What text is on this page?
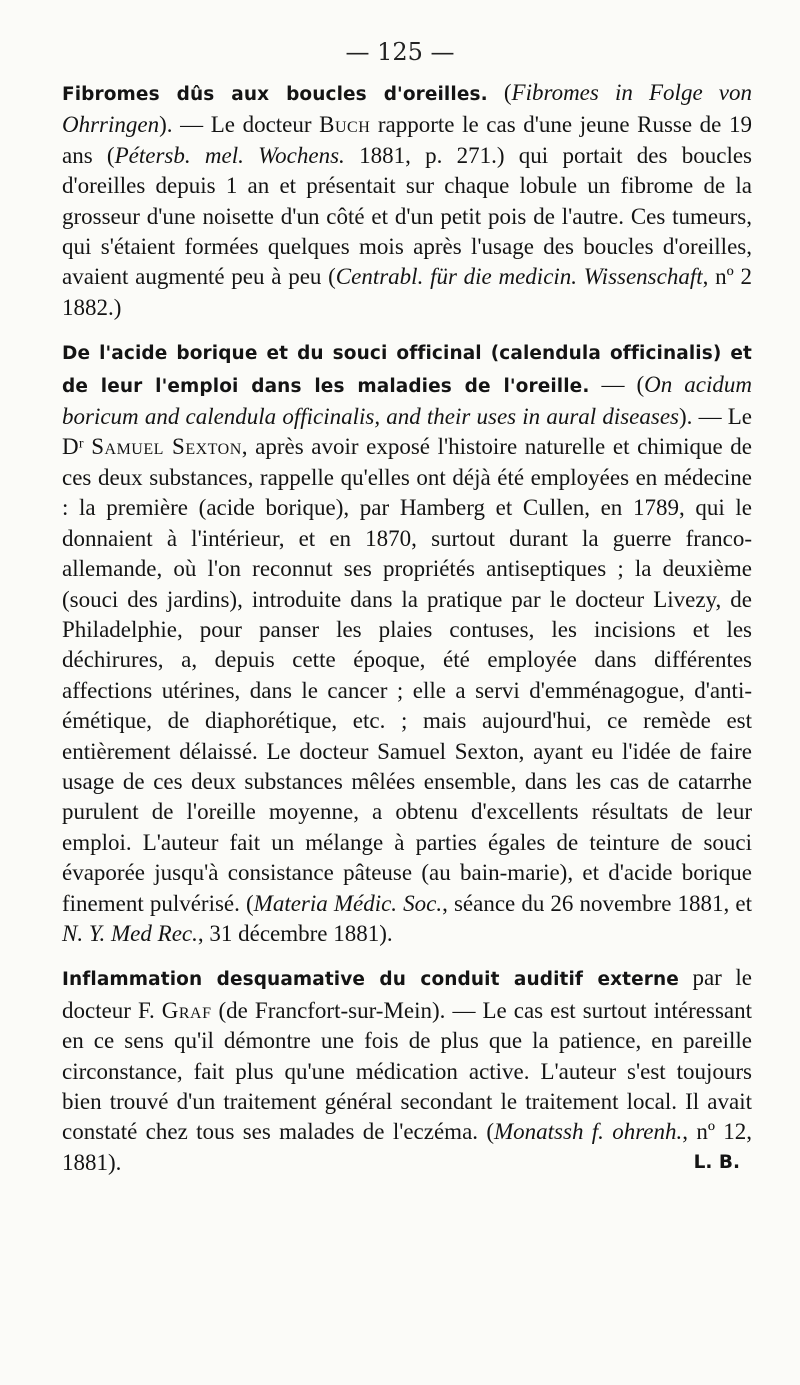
— 125 —

Fibromes dûs aux boucles d'oreilles. (Fibromes in Folge von Ohrringen). — Le docteur Buch rapporte le cas d'une jeune Russe de 19 ans (Pétersb. mel. Wochens. 1881, p. 271.) qui portait des boucles d'oreilles depuis 1 an et présentait sur chaque lobule un fibrome de la grosseur d'une noisette d'un côté et d'un petit pois de l'autre. Ces tumeurs, qui s'étaient formées quelques mois après l'usage des boucles d'oreilles, avaient augmenté peu à peu (Centrabl. für die medicin. Wissenschaft, nº 2 1882.)

De l'acide borique et du souci officinal (calendula officinalis) et de leur l'emploi dans les maladies de l'oreille. — (On acidum boricum and calendula officinalis, and their uses in aural diseases). — Le Dʳ Samuel Sexton, après avoir exposé l'histoire naturelle et chimique de ces deux substances, rappelle qu'elles ont déjà été employées en médecine : la première (acide borique), par Hamberg et Cullen, en 1789, qui le donnaient à l'intérieur, et en 1870, surtout durant la guerre franco-allemande, où l'on reconnut ses propriétés antiseptiques ; la deuxième (souci des jardins), introduite dans la pratique par le docteur Livezy, de Philadelphie, pour panser les plaies contuses, les incisions et les déchirures, a, depuis cette époque, été employée dans différentes affections utérines, dans le cancer ; elle a servi d'emménagogue, d'anti-émétique, de diaphorétique, etc. ; mais aujourd'hui, ce remède est entièrement délaissé. Le docteur Samuel Sexton, ayant eu l'idée de faire usage de ces deux substances mêlées ensemble, dans les cas de catarrhe purulent de l'oreille moyenne, a obtenu d'excellents résultats de leur emploi. L'auteur fait un mélange à parties égales de teinture de souci évaporée jusqu'à consistance pâteuse (au bain-marie), et d'acide borique finement pulvérisé. (Materia Médic. Soc., séance du 26 novembre 1881, et N. Y. Med Rec., 31 décembre 1881).

Inflammation desquamative du conduit auditif externe par le docteur F. Graf (de Francfort-sur-Mein). — Le cas est surtout intéressant en ce sens qu'il démontre une fois de plus que la patience, en pareille circonstance, fait plus qu'une médication active. L'auteur s'est toujours bien trouvé d'un traitement général secondant le traitement local. Il avait constaté chez tous ses malades de l'eczéma. (Monatssh f. ohrenh., nº 12, 1881).	L. B.
